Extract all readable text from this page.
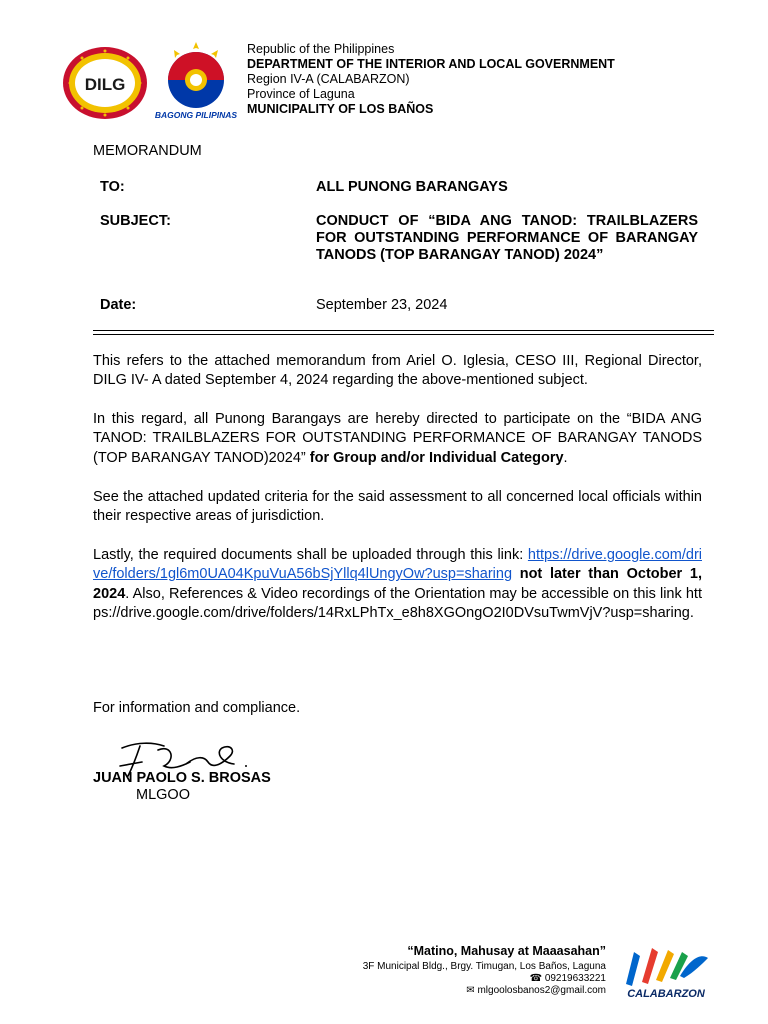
DILG
BAGONG PILIPINAS
Republic of the Philippines
DEPARTMENT OF THE INTERIOR AND LOCAL GOVERNMENT
Region IV-A (CALABARZON)
Province of Laguna
MUNICIPALITY OF LOS BAÑOS
MEMORANDUM
TO:	ALL PUNONG BARANGAYS
SUBJECT:	CONDUCT OF “BIDA ANG TANOD: TRAILBLAZERS FOR OUTSTANDING PERFORMANCE OF BARANGAY TANODS (TOP BARANGAY TANOD) 2024”
Date:	September 23, 2024
This refers to the attached memorandum from Ariel O. Iglesia, CESO III, Regional Director, DILG IV- A dated September 4, 2024 regarding the above-mentioned subject.
In this regard, all Punong Barangays are hereby directed to participate on the “BIDA ANG TANOD: TRAILBLAZERS FOR OUTSTANDING PERFORMANCE OF BARANGAY TANODS (TOP BARANGAY TANOD)2024” for Group and/or Individual Category.
See the attached updated criteria for the said assessment to all concerned local officials within their respective areas of jurisdiction.
Lastly, the required documents shall be uploaded through this link: https://drive.google.com/drive/folders/1gl6m0UA04KpuVuA56bSjYllq4lUngyOw?usp=sharing not later than October 1, 2024. Also, References & Video recordings of the Orientation may be accessible on this link https://drive.google.com/drive/folders/14RxLPhTx_e8h8XGOngO2I0DVsuTwmVjV?usp=sharing.
For information and compliance.
JUAN PAOLO S. BROSAS
MLGOO
“Matino, Mahusay at Maaasahan”
3F Municipal Bldg., Brgy. Timugan, Los Baños, Laguna
☎ 09219633221
✉ mlgoolosbanos2@gmail.com CALABARZON
